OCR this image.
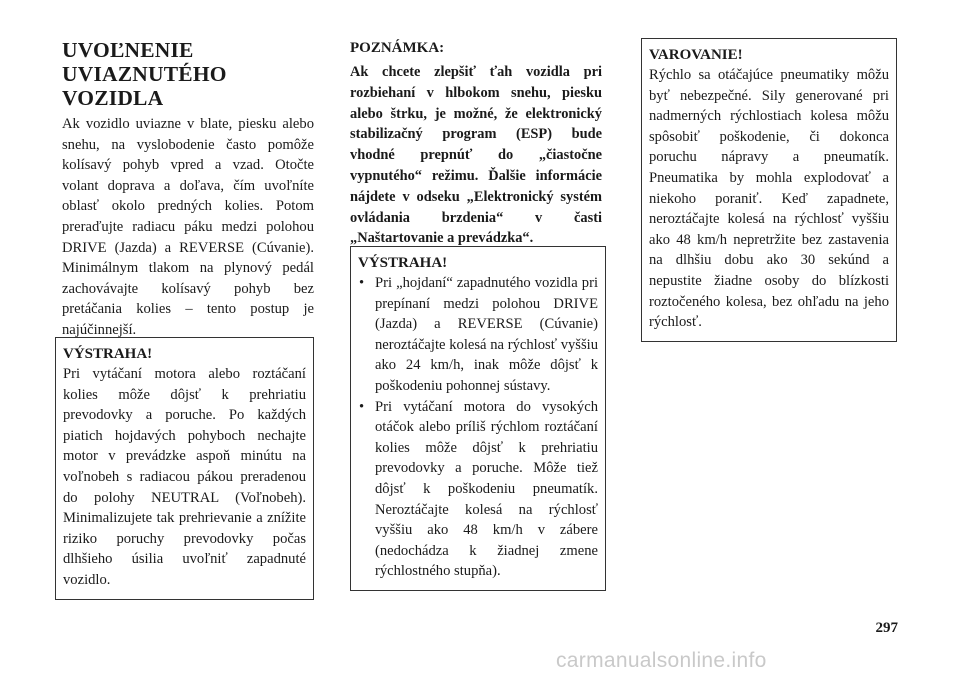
UVOĽNENIE
UVIAZNUTÉHO
VOZIDLA

Ak vozidlo uviazne v blate, piesku alebo snehu, na vyslobodenie často pomôže kolísavý pohyb vpred a vzad. Otočte volant doprava a doľava, čím uvoľníte oblasť okolo predných kolies. Potom preraďujte radiacu páku medzi polohou DRIVE (Jazda) a REVERSE (Cúvanie). Minimálnym tlakom na plynový pedál zachovávajte kolísavý pohyb bez pretáčania kolies – tento postup je najúčinnejší.

VÝSTRAHA!

Pri vytáčaní motora alebo roztáčaní kolies môže dôjsť k prehriatiu prevodovky a poruche. Po každých piatich hojdavých pohyboch nechajte motor v prevádzke aspoň minútu na voľnobeh s radiacou pákou preradenou do polohy NEUTRAL (Voľnobeh). Minimalizujete tak prehrievanie a znížite riziko poruchy prevodovky počas dlhšieho úsilia uvoľniť zapadnuté vozidlo.

POZNÁMKA:

Ak chcete zlepšiť ťah vozidla pri rozbiehaní v hlbokom snehu, piesku alebo štrku, je možné, že elektronický stabilizačný program (ESP) bude vhodné prepnúť do „čiastočne vypnutého“ režimu. Ďalšie informácie nájdete v odseku „Elektronický systém ovládania brzdenia“ v časti „Naštartovanie a prevádzka“.

VÝSTRAHA!

• Pri „hojdaní“ zapadnutého vozidla pri prepínaní medzi polohou DRIVE (Jazda) a REVERSE (Cúvanie) neroztáčajte kolesá na rýchlosť vyššiu ako 24 km/h, inak môže dôjsť k poškodeniu pohonnej sústavy.
• Pri vytáčaní motora do vysokých otáčok alebo príliš rýchlom roztáčaní kolies môže dôjsť k prehriatiu prevodovky a poruche. Môže tiež dôjsť k poškodeniu pneumatík. Neroztáčajte kolesá na rýchlosť vyššiu ako 48 km/h v zábere (nedochádza k žiadnej zmene rýchlostného stupňa).

VAROVANIE!

Rýchlo sa otáčajúce pneumatiky môžu byť nebezpečné. Sily generované pri nadmerných rýchlostiach kolesa môžu spôsobiť poškodenie, či dokonca poruchu nápravy a pneumatík. Pneumatika by mohla explodovať a niekoho poraniť. Keď zapadnete, neroztáčajte kolesá na rýchlosť vyššiu ako 48 km/h nepretržite bez zastavenia na dlhšiu dobu ako 30 sekúnd a nepustite žiadne osoby do blízkosti roztočeného kolesa, bez ohľadu na jeho rýchlosť.

297
carmanualsonline.info
